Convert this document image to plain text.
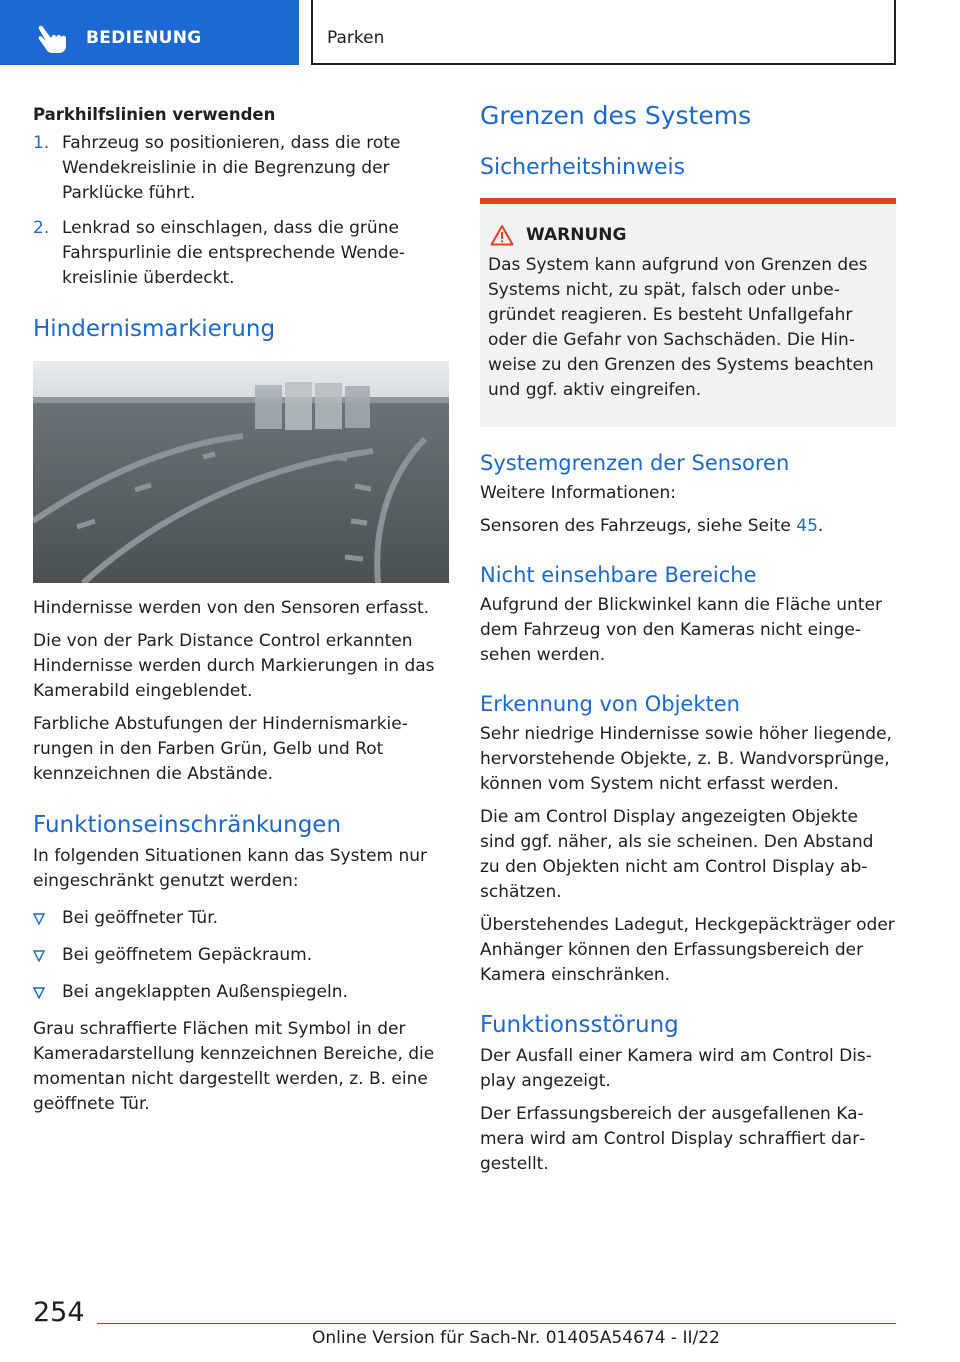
BEDIENUNG	Parken
Parkhilfslinien verwenden
1. Fahrzeug so positionieren, dass die rote Wendekreislinie in die Begrenzung der Parklücke führt.
2. Lenkrad so einschlagen, dass die grüne Fahrspurlinie die entsprechende Wendekreislinie überdeckt.
Hindernismarkierung

Hindernisse werden von den Sensoren erfasst.

Die von der Park Distance Control erkannten Hindernisse werden durch Markierungen in das Kamerabild eingeblendet.

Farbliche Abstufungen der Hindernismarkierungen in den Farben Grün, Gelb und Rot kennzeichnen die Abstände.

Funktionseinschränkungen

In folgenden Situationen kann das System nur eingeschränkt genutzt werden:

Bei geöffneter Tür.
Bei geöffnetem Gepäckraum.
Bei angeklappten Außenspiegeln.

Grau schraffierte Flächen mit Symbol in der Kameradarstellung kennzeichnen Bereiche, die momentan nicht dargestellt werden, z. B. eine geöffnete Tür.

Grenzen des Systems
Sicherheitshinweis
WARNUNG

Das System kann aufgrund von Grenzen des Systems nicht, zu spät, falsch oder unbegründet reagieren. Es besteht Unfallgefahr oder die Gefahr von Sachschäden. Die Hinweise zu den Grenzen des Systems beachten und ggf. aktiv eingreifen.

Systemgrenzen der Sensoren

Weitere Informationen:

Sensoren des Fahrzeugs, siehe Seite 45.

Nicht einsehbare Bereiche

Aufgrund der Blickwinkel kann die Fläche unter dem Fahrzeug von den Kameras nicht eingesehen werden.

Erkennung von Objekten

Sehr niedrige Hindernisse sowie höher liegende, hervorstehende Objekte, z. B. Wandvorsprünge, können vom System nicht erfasst werden.

Die am Control Display angezeigten Objekte sind ggf. näher, als sie scheinen. Den Abstand zu den Objekten nicht am Control Display abschätzen.

Überstehendes Ladegut, Heckgepäckträger oder Anhänger können den Erfassungsbereich der Kamera einschränken.

Funktionsstörung

Der Ausfall einer Kamera wird am Control Display angezeigt.

Der Erfassungsbereich der ausgefallenen Kamera wird am Control Display schraffiert dargestellt.

254
Online Version für Sach-Nr. 01405A54674 - II/22
